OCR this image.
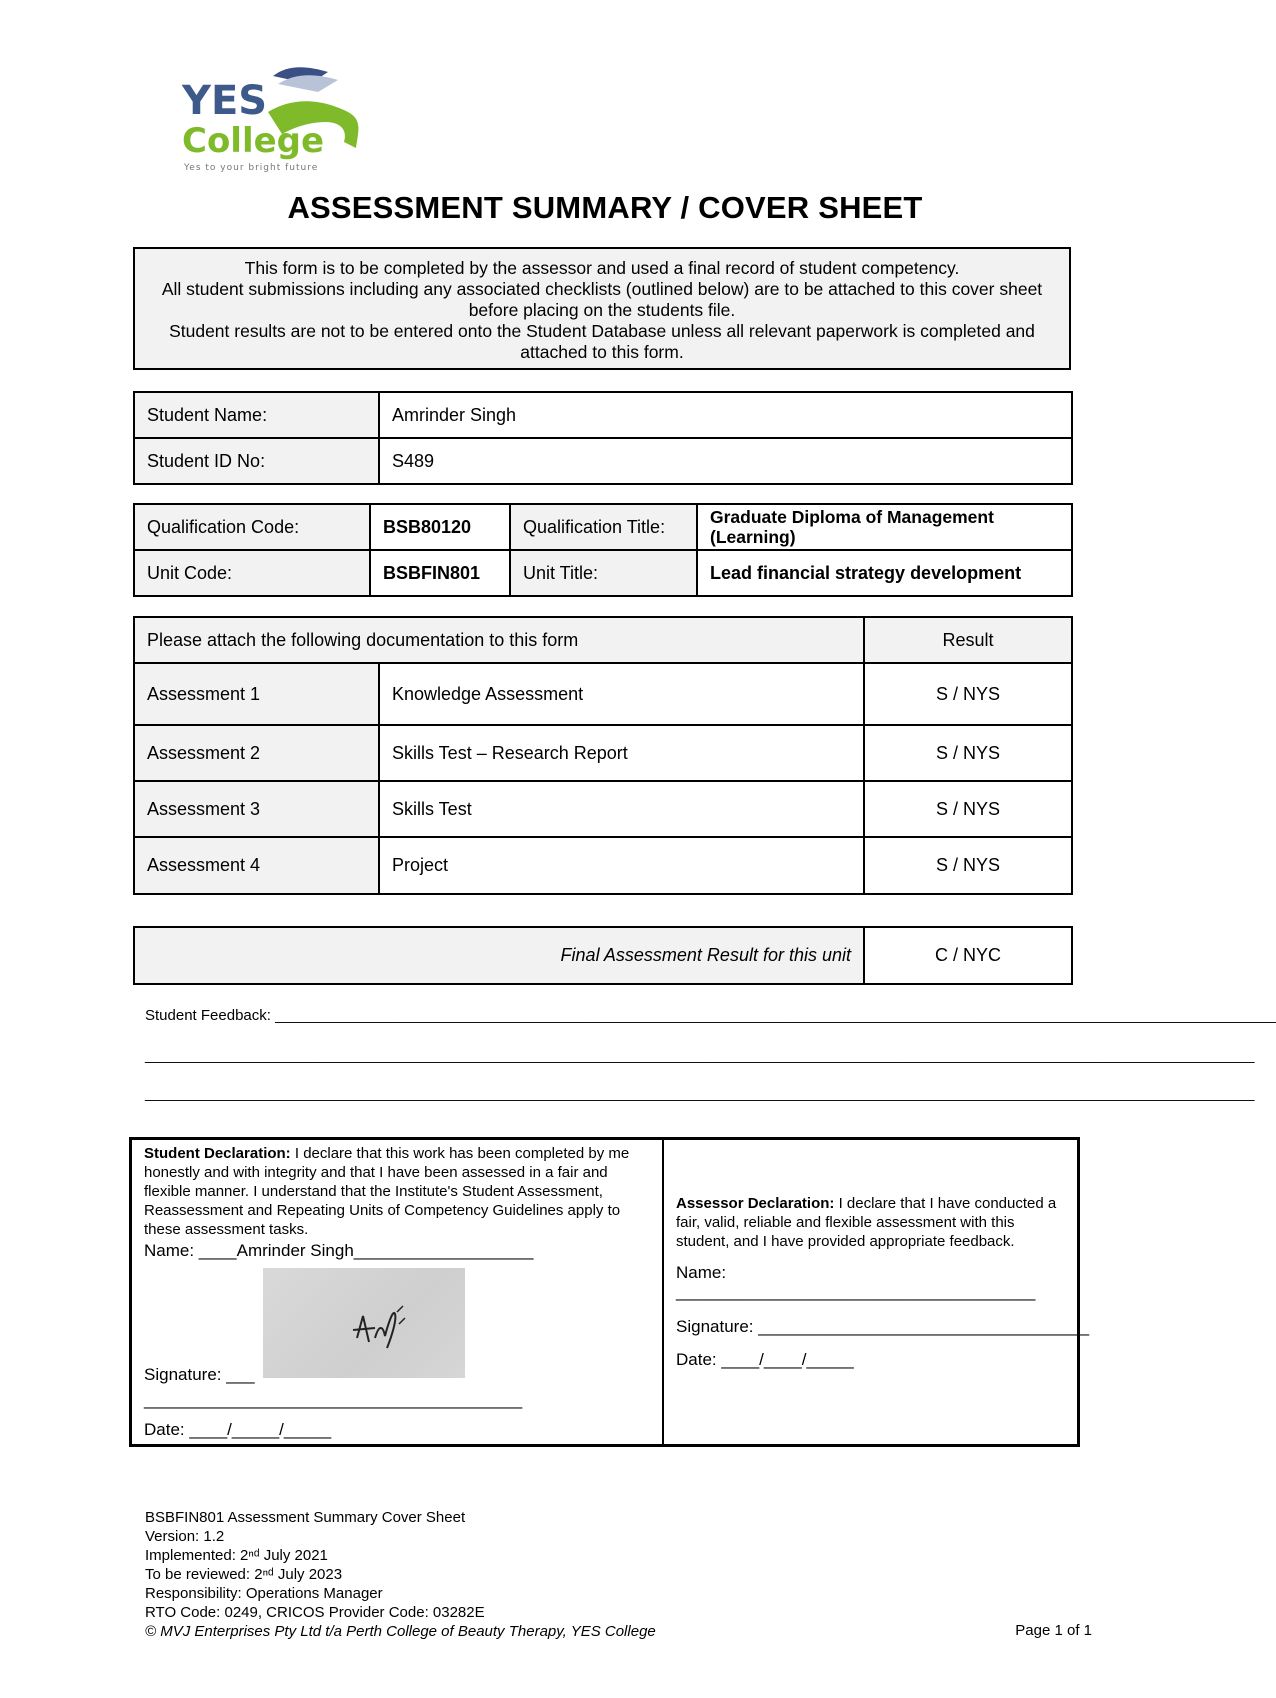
YES
College
Yes to your bright future
ASSESSMENT SUMMARY / COVER SHEET
This form is to be completed by the assessor and used a final record of student competency.
All student submissions including any associated checklists (outlined below) are to be attached to this cover sheet before placing on the students file.
Student results are not to be entered onto the Student Database unless all relevant paperwork is completed and attached to this form.
Student Name:	Amrinder Singh
Student ID No:	S489
Qualification Code:	BSB80120	Qualification Title:	Graduate Diploma of Management (Learning)
Unit Code:	BSBFIN801	Unit Title:	Lead financial strategy development
Please attach the following documentation to this form		Result
Assessment 1	Knowledge Assessment	S / NYS
Assessment 2	Skills Test – Research Report	S / NYS
Assessment 3	Skills Test	S / NYS
Assessment 4	Project	S / NYS
Final Assessment Result for this unit	C / NYC
Student Feedback: ________________________________________________________________________________________________________________________
_____________________________________________________________________________________________________________________________________
_____________________________________________________________________________________________________________________________________
Student Declaration: I declare that this work has been completed by me honestly and with integrity and that I have been assessed in a fair and flexible manner. I understand that the Institute's Student Assessment, Reassessment and Repeating Units of Competency Guidelines apply to these assessment tasks.
Name: ____Amrinder Singh___________________
Signature: ___
________________________________________
Date: ____/_____/_____
Assessor Declaration: I declare that I have conducted a fair, valid, reliable and flexible assessment with this student, and I have provided appropriate feedback.
Name:
______________________________________
Signature: ___________________________________
Date: ____/____/_____
BSBFIN801 Assessment Summary Cover Sheet
Version: 1.2
Implemented: 2ⁿᵈ July 2021
To be reviewed: 2ⁿᵈ July 2023
Responsibility: Operations Manager
RTO Code: 0249, CRICOS Provider Code: 03282E
© MVJ Enterprises Pty Ltd t/a Perth College of Beauty Therapy, YES College	Page 1 of 1
